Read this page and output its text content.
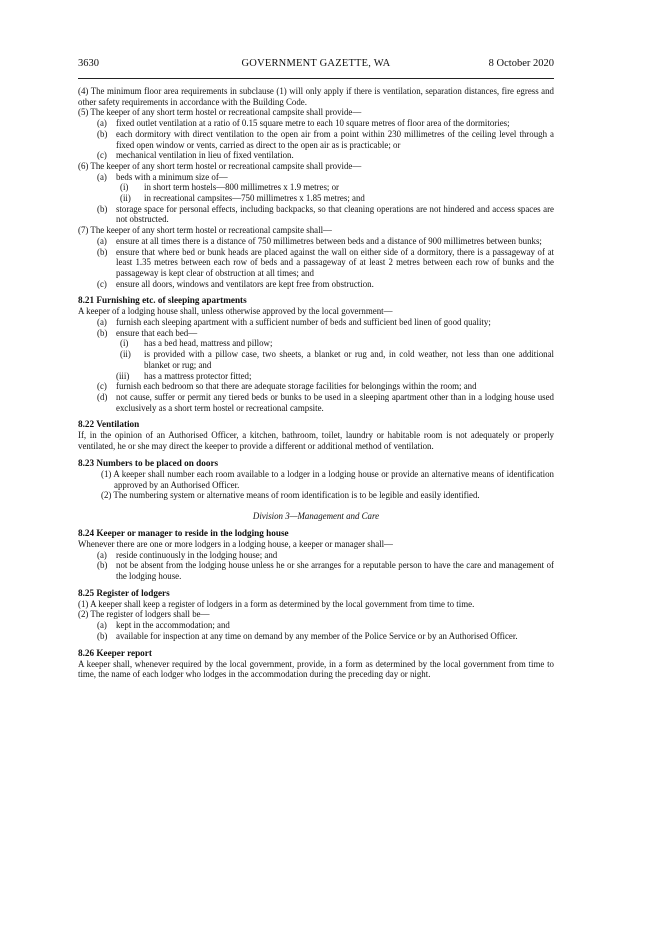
3630	GOVERNMENT GAZETTE, WA	8 October 2020
(4) The minimum floor area requirements in subclause (1) will only apply if there is ventilation, separation distances, fire egress and other safety requirements in accordance with the Building Code.
(5) The keeper of any short term hostel or recreational campsite shall provide—
(a) fixed outlet ventilation at a ratio of 0.15 square metre to each 10 square metres of floor area of the dormitories;
(b) each dormitory with direct ventilation to the open air from a point within 230 millimetres of the ceiling level through a fixed open window or vents, carried as direct to the open air as is practicable; or
(c) mechanical ventilation in lieu of fixed ventilation.
(6) The keeper of any short term hostel or recreational campsite shall provide—
(a) beds with a minimum size of—
(i) in short term hostels—800 millimetres x 1.9 metres; or
(ii) in recreational campsites—750 millimetres x 1.85 metres; and
(b) storage space for personal effects, including backpacks, so that cleaning operations are not hindered and access spaces are not obstructed.
(7) The keeper of any short term hostel or recreational campsite shall—
(a) ensure at all times there is a distance of 750 millimetres between beds and a distance of 900 millimetres between bunks;
(b) ensure that where bed or bunk heads are placed against the wall on either side of a dormitory, there is a passageway of at least 1.35 metres between each row of beds and a passageway of at least 2 metres between each row of bunks and the passageway is kept clear of obstruction at all times; and
(c) ensure all doors, windows and ventilators are kept free from obstruction.
8.21 Furnishing etc. of sleeping apartments
A keeper of a lodging house shall, unless otherwise approved by the local government—
(a) furnish each sleeping apartment with a sufficient number of beds and sufficient bed linen of good quality;
(b) ensure that each bed—
(i) has a bed head, mattress and pillow;
(ii) is provided with a pillow case, two sheets, a blanket or rug and, in cold weather, not less than one additional blanket or rug; and
(iii) has a mattress protector fitted;
(c) furnish each bedroom so that there are adequate storage facilities for belongings within the room; and
(d) not cause, suffer or permit any tiered beds or bunks to be used in a sleeping apartment other than in a lodging house used exclusively as a short term hostel or recreational campsite.
8.22 Ventilation
If, in the opinion of an Authorised Officer, a kitchen, bathroom, toilet, laundry or habitable room is not adequately or properly ventilated, he or she may direct the keeper to provide a different or additional method of ventilation.
8.23 Numbers to be placed on doors
(1) A keeper shall number each room available to a lodger in a lodging house or provide an alternative means of identification approved by an Authorised Officer.
(2) The numbering system or alternative means of room identification is to be legible and easily identified.
Division 3—Management and Care
8.24 Keeper or manager to reside in the lodging house
Whenever there are one or more lodgers in a lodging house, a keeper or manager shall—
(a) reside continuously in the lodging house; and
(b) not be absent from the lodging house unless he or she arranges for a reputable person to have the care and management of the lodging house.
8.25 Register of lodgers
(1) A keeper shall keep a register of lodgers in a form as determined by the local government from time to time.
(2) The register of lodgers shall be—
(a) kept in the accommodation; and
(b) available for inspection at any time on demand by any member of the Police Service or by an Authorised Officer.
8.26 Keeper report
A keeper shall, whenever required by the local government, provide, in a form as determined by the local government from time to time, the name of each lodger who lodges in the accommodation during the preceding day or night.
